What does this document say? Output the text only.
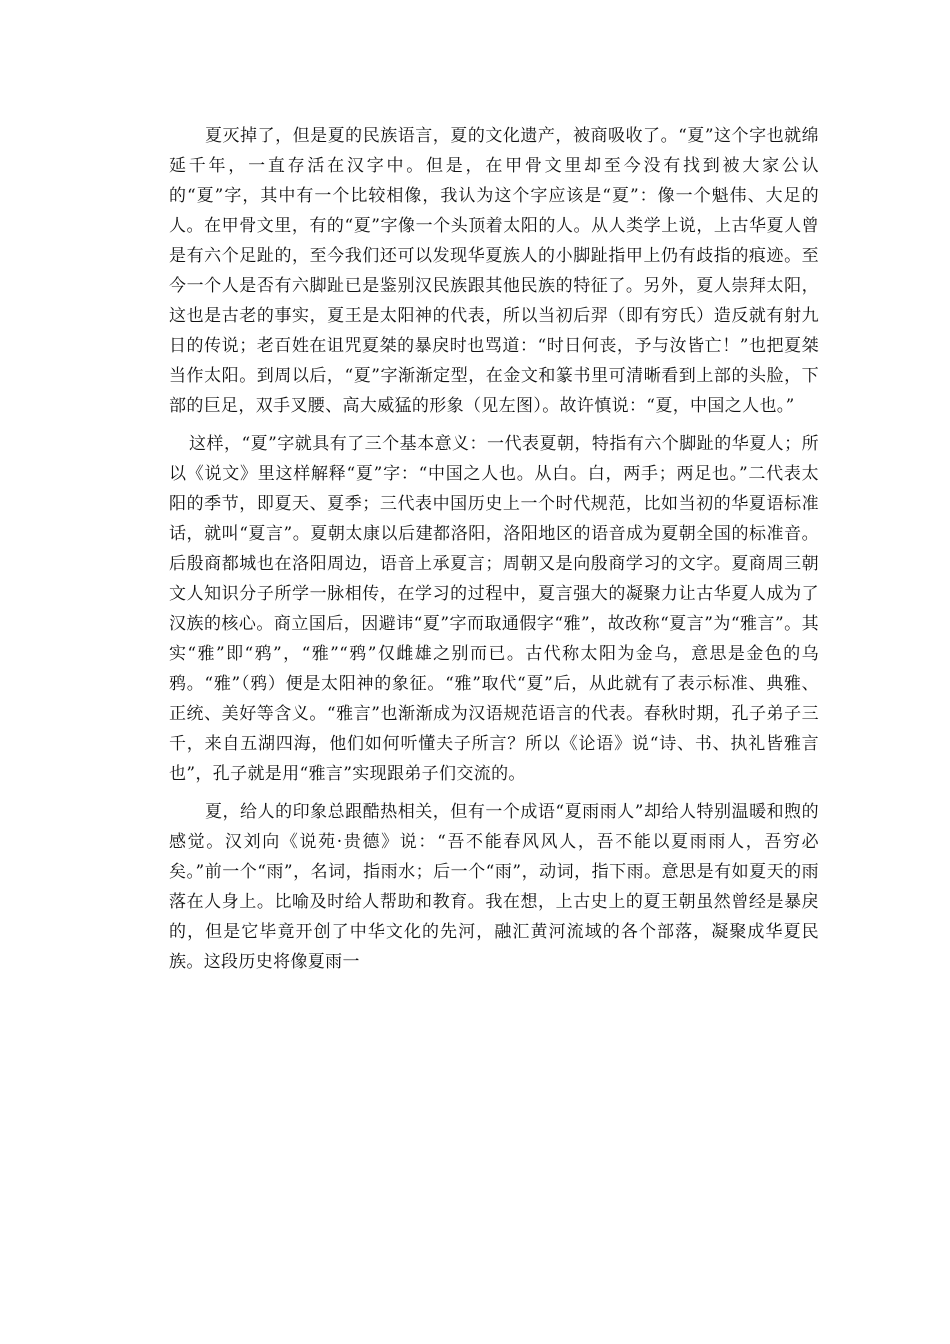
夏灭掉了，但是夏的民族语言，夏的文化遗产，被商吸收了。“夏”这个字也就绵延千年，一直存活在汉字中。但是，在甲骨文里却至今没有找到被大家公认的“夏”字，其中有一个比较相像，我认为这个字应该是“夏”：像一个魁伟、大足的人。在甲骨文里，有的“夏”字像一个头顶着太阳的人。从人类学上说，上古华夏人曾是有六个足趾的，至今我们还可以发现华夏族人的小脚趾指甲上仍有歧指的痕迹。至今一个人是否有六脚趾已是鉴别汉民族跟其他民族的特征了。另外，夏人崇拜太阳，这也是古老的事实，夏王是太阳神的代表，所以当初后羿（即有穷氏）造反就有射九日的传说；老百姓在诅咒夏桀的暴戾时也骂道：“时日何丧，予与汝皆亡！”也把夏桀当作太阳。到周以后，“夏”字渐渐定型，在金文和篆书里可清晰看到上部的头脸，下部的巨足，双手叉腰、高大威猛的形象（见左图）。故许慎说：“夏，中国之人也。”

这样，“夏”字就具有了三个基本意义：一代表夏朝，特指有六个脚趾的华夏人；所以《说文》里这样解释“夏”字：“中国之人也。从白。白，两手；两足也。”二代表太阳的季节，即夏天、夏季；三代表中国历史上一个时代规范，比如当初的华夏语标准话，就叫“夏言”。夏朝太康以后建都洛阳，洛阳地区的语音成为夏朝全国的标准音。后殷商都城也在洛阳周边，语音上承夏言；周朝又是向殷商学习的文字。夏商周三朝文人知识分子所学一脉相传，在学习的过程中，夏言强大的凝聚力让古华夏人成为了汉族的核心。商立国后，因避讳“夏”字而取通假字“雅”，故改称“夏言”为“雅言”。其实“雅”即“鸦”，“雅”“鸦”仅雌雄之别而已。古代称太阳为金乌，意思是金色的乌鸦。“雅”（鸦）便是太阳神的象征。“雅”取代“夏”后，从此就有了表示标准、典雅、正统、美好等含义。“雅言”也渐渐成为汉语规范语言的代表。春秋时期，孔子弟子三千，来自五湖四海，他们如何听懂夫子所言？所以《论语》说“诗、书、执礼皆雅言也”，孔子就是用“雅言”实现跟弟子们交流的。

夏，给人的印象总跟酷热相关，但有一个成语“夏雨雨人”却给人特别温暖和煦的感觉。汉刘向《说苑·贵德》说：“吾不能春风风人，吾不能以夏雨雨人，吾穷必矣。”前一个“雨”，名词，指雨水；后一个“雨”，动词，指下雨。意思是有如夏天的雨落在人身上。比喻及时给人帮助和教育。我在想，上古史上的夏王朝虽然曾经是暴戾的，但是它毕竟开创了中华文化的先河，融汇黄河流域的各个部落，凝聚成华夏民族。这段历史将像夏雨一
